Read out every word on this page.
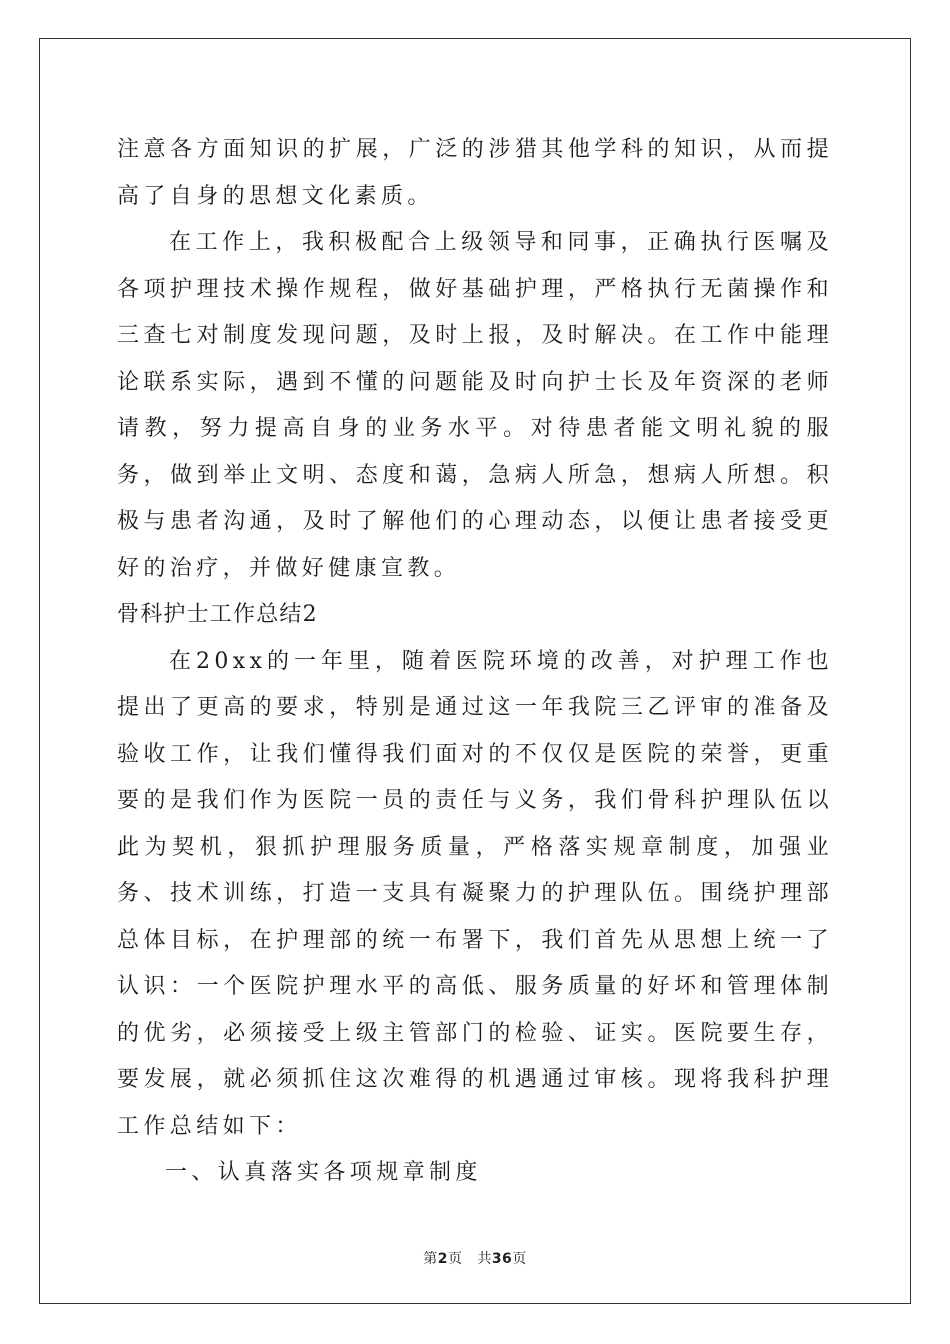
注意各方面知识的扩展，广泛的涉猎其他学科的知识，从而提高了自身的思想文化素质。

在工作上，我积极配合上级领导和同事，正确执行医嘱及各项护理技术操作规程，做好基础护理，严格执行无菌操作和三查七对制度发现问题，及时上报，及时解决。在工作中能理论联系实际，遇到不懂的问题能及时向护士长及年资深的老师请教，努力提高自身的业务水平。对待患者能文明礼貌的服务，做到举止文明、态度和蔼，急病人所急，想病人所想。积极与患者沟通，及时了解他们的心理动态，以便让患者接受更好的治疗，并做好健康宣教。

骨科护士工作总结2

在20xx的一年里，随着医院环境的改善，对护理工作也提出了更高的要求，特别是通过这一年我院三乙评审的准备及验收工作，让我们懂得我们面对的不仅仅是医院的荣誉，更重要的是我们作为医院一员的责任与义务，我们骨科护理队伍以此为契机，狠抓护理服务质量，严格落实规章制度，加强业务、技术训练，打造一支具有凝聚力的护理队伍。围绕护理部总体目标，在护理部的统一布署下，我们首先从思想上统一了认识：一个医院护理水平的高低、服务质量的好坏和管理体制的优劣，必须接受上级主管部门的检验、证实。医院要生存，要发展，就必须抓住这次难得的机遇通过审核。现将我科护理工作总结如下：

一、认真落实各项规章制度

第2页 共36页
